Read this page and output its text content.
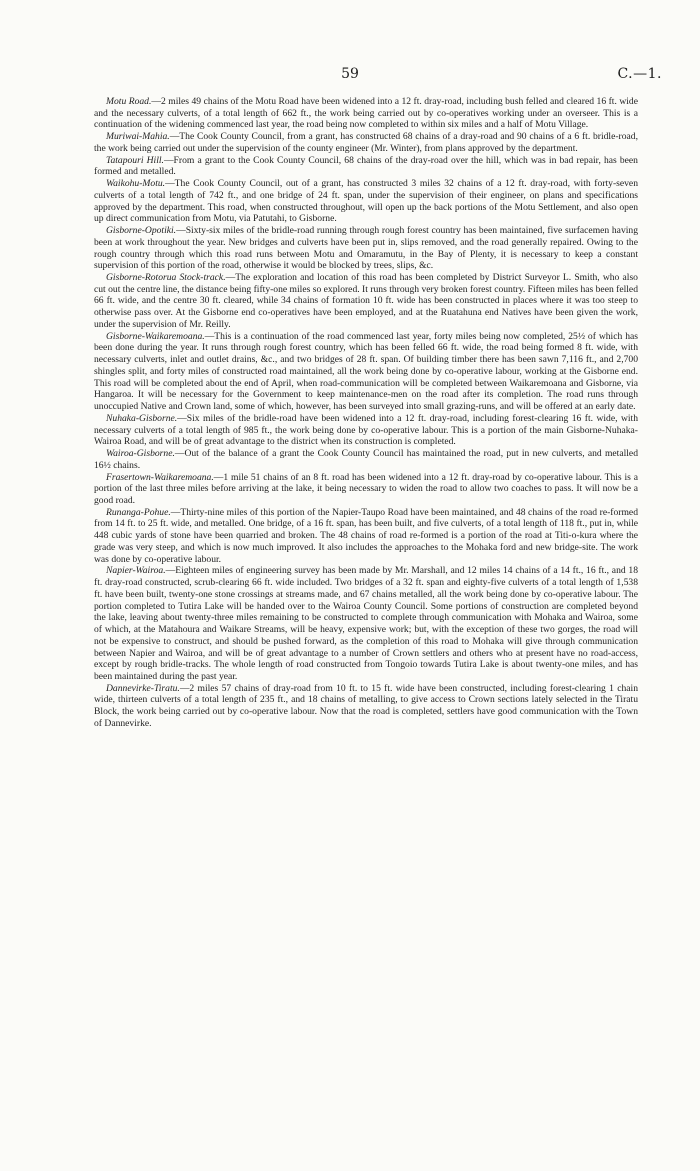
59	C.—1.

Motu Road.—2 miles 49 chains of the Motu Road have been widened into a 12 ft. dray-road, including bush felled and cleared 16 ft. wide and the necessary culverts, of a total length of 662 ft., the work being carried out by co-operatives working under an overseer. This is a continuation of the widening commenced last year, the road being now completed to within six miles and a half of Motu Village.

Muriwai-Mahia.—The Cook County Council, from a grant, has constructed 68 chains of a dray-road and 90 chains of a 6 ft. bridle-road, the work being carried out under the supervision of the county engineer (Mr. Winter), from plans approved by the department.

Tatapouri Hill.—From a grant to the Cook County Council, 68 chains of the dray-road over the hill, which was in bad repair, has been formed and metalled.

Waikohu-Motu.—The Cook County Council, out of a grant, has constructed 3 miles 32 chains of a 12 ft. dray-road, with forty-seven culverts of a total length of 742 ft., and one bridge of 24 ft. span, under the supervision of their engineer, on plans and specifications approved by the department. This road, when constructed throughout, will open up the back portions of the Motu Settlement, and also open up direct communication from Motu, via Patutahi, to Gisborne.

Gisborne-Opotiki.—Sixty-six miles of the bridle-road running through rough forest country has been maintained, five surfacemen having been at work throughout the year. New bridges and culverts have been put in, slips removed, and the road generally repaired. Owing to the rough country through which this road runs between Motu and Omaramutu, in the Bay of Plenty, it is necessary to keep a constant supervision of this portion of the road, otherwise it would be blocked by trees, slips, &c.

Gisborne-Rotorua Stock-track.—The exploration and location of this road has been completed by District Surveyor L. Smith, who also cut out the centre line, the distance being fifty-one miles so explored. It runs through very broken forest country. Fifteen miles has been felled 66 ft. wide, and the centre 30 ft. cleared, while 34 chains of formation 10 ft. wide has been constructed in places where it was too steep to otherwise pass over. At the Gisborne end co-operatives have been employed, and at the Ruatahuna end Natives have been given the work, under the supervision of Mr. Reilly.

Gisborne-Waikaremoana.—This is a continuation of the road commenced last year, forty miles being now completed, 25½ of which has been done during the year. It runs through rough forest country, which has been felled 66 ft. wide, the road being formed 8 ft. wide, with necessary culverts, inlet and outlet drains, &c., and two bridges of 28 ft. span. Of building timber there has been sawn 7,116 ft., and 2,700 shingles split, and forty miles of constructed road maintained, all the work being done by co-operative labour, working at the Gisborne end. This road will be completed about the end of April, when road-communication will be completed between Waikaremoana and Gisborne, via Hangaroa. It will be necessary for the Government to keep maintenance-men on the road after its completion. The road runs through unoccupied Native and Crown land, some of which, however, has been surveyed into small grazing-runs, and will be offered at an early date.

Nuhaka-Gisborne.—Six miles of the bridle-road have been widened into a 12 ft. dray-road, including forest-clearing 16 ft. wide, with necessary culverts of a total length of 985 ft., the work being done by co-operative labour. This is a portion of the main Gisborne-Nuhaka-Wairoa Road, and will be of great advantage to the district when its construction is completed.

Wairoa-Gisborne.—Out of the balance of a grant the Cook County Council has maintained the road, put in new culverts, and metalled 16½ chains.

Frasertown-Waikaremoana.—1 mile 51 chains of an 8 ft. road has been widened into a 12 ft. dray-road by co-operative labour. This is a portion of the last three miles before arriving at the lake, it being necessary to widen the road to allow two coaches to pass. It will now be a good road.

Runanga-Pohue.—Thirty-nine miles of this portion of the Napier-Taupo Road have been maintained, and 48 chains of the road re-formed from 14 ft. to 25 ft. wide, and metalled. One bridge, of a 16 ft. span, has been built, and five culverts, of a total length of 118 ft., put in, while 448 cubic yards of stone have been quarried and broken. The 48 chains of road re-formed is a portion of the road at Titi-o-kura where the grade was very steep, and which is now much improved. It also includes the approaches to the Mohaka ford and new bridge-site. The work was done by co-operative labour.

Napier-Wairoa.—Eighteen miles of engineering survey has been made by Mr. Marshall, and 12 miles 14 chains of a 14 ft., 16 ft., and 18 ft. dray-road constructed, scrub-clearing 66 ft. wide included. Two bridges of a 32 ft. span and eighty-five culverts of a total length of 1,538 ft. have been built, twenty-one stone crossings at streams made, and 67 chains metalled, all the work being done by co-operative labour. The portion completed to Tutira Lake will be handed over to the Wairoa County Council. Some portions of construction are completed beyond the lake, leaving about twenty-three miles remaining to be constructed to complete through communication with Mohaka and Wairoa, some of which, at the Matahoura and Waikare Streams, will be heavy, expensive work; but, with the exception of these two gorges, the road will not be expensive to construct, and should be pushed forward, as the completion of this road to Mohaka will give through communication between Napier and Wairoa, and will be of great advantage to a number of Crown settlers and others who at present have no road-access, except by rough bridle-tracks. The whole length of road constructed from Tongoio towards Tutira Lake is about twenty-one miles, and has been maintained during the past year.

Dannevirke-Tiratu.—2 miles 57 chains of dray-road from 10 ft. to 15 ft. wide have been constructed, including forest-clearing 1 chain wide, thirteen culverts of a total length of 235 ft., and 18 chains of metalling, to give access to Crown sections lately selected in the Tiratu Block, the work being carried out by co-operative labour. Now that the road is completed, settlers have good communication with the Town of Dannevirke.
